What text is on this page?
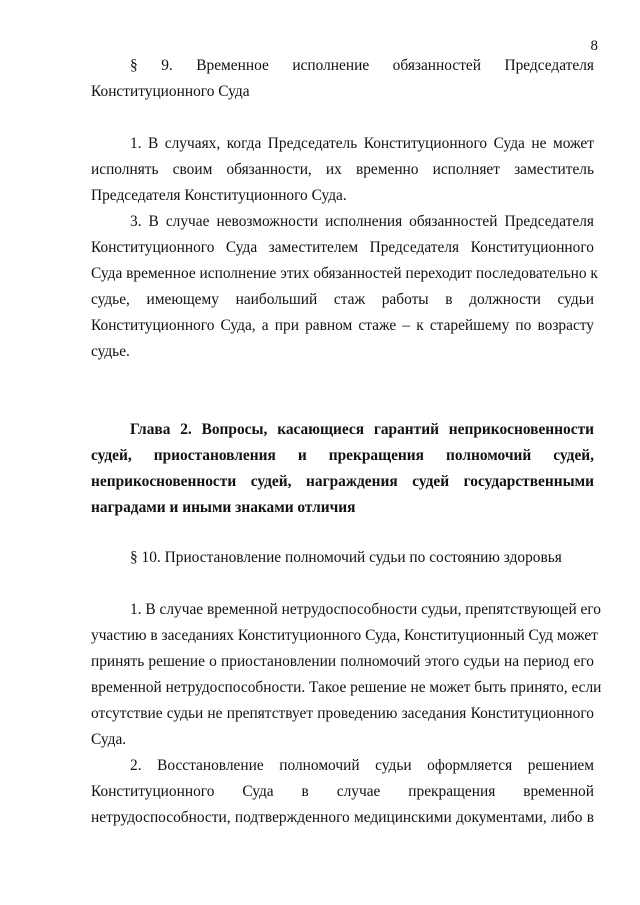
8
§ 9. Временное исполнение обязанностей Председателя
Конституционного Суда
1. В случаях, когда Председатель Конституционного Суда не может
исполнять своим обязанности, их временно исполняет заместитель
Председателя Конституционного Суда.
3. В случае невозможности исполнения обязанностей Председателя
Конституционного Суда заместителем Председателя Конституционного
Суда временное исполнение этих обязанностей переходит последовательно к
судье, имеющему наибольший стаж работы в должности судьи
Конституционного Суда, а при равном стаже – к старейшему по возрасту
судье.
Глава 2. Вопросы, касающиеся гарантий неприкосновенности
судей, приостановления и прекращения полномочий судей,
неприкосновенности судей, награждения судей государственными
наградами и иными знаками отличия
§ 10. Приостановление полномочий судьи по состоянию здоровья
1. В случае временной нетрудоспособности судьи, препятствующей его
участию в заседаниях Конституционного Суда, Конституционный Суд может
принять решение о приостановлении полномочий этого судьи на период его
временной нетрудоспособности. Такое решение не может быть принято, если
отсутствие судьи не препятствует проведению заседания Конституционного
Суда.
2. Восстановление полномочий судьи оформляется решением
Конституционного Суда в случае прекращения временной
нетрудоспособности, подтвержденного медицинскими документами, либо в
